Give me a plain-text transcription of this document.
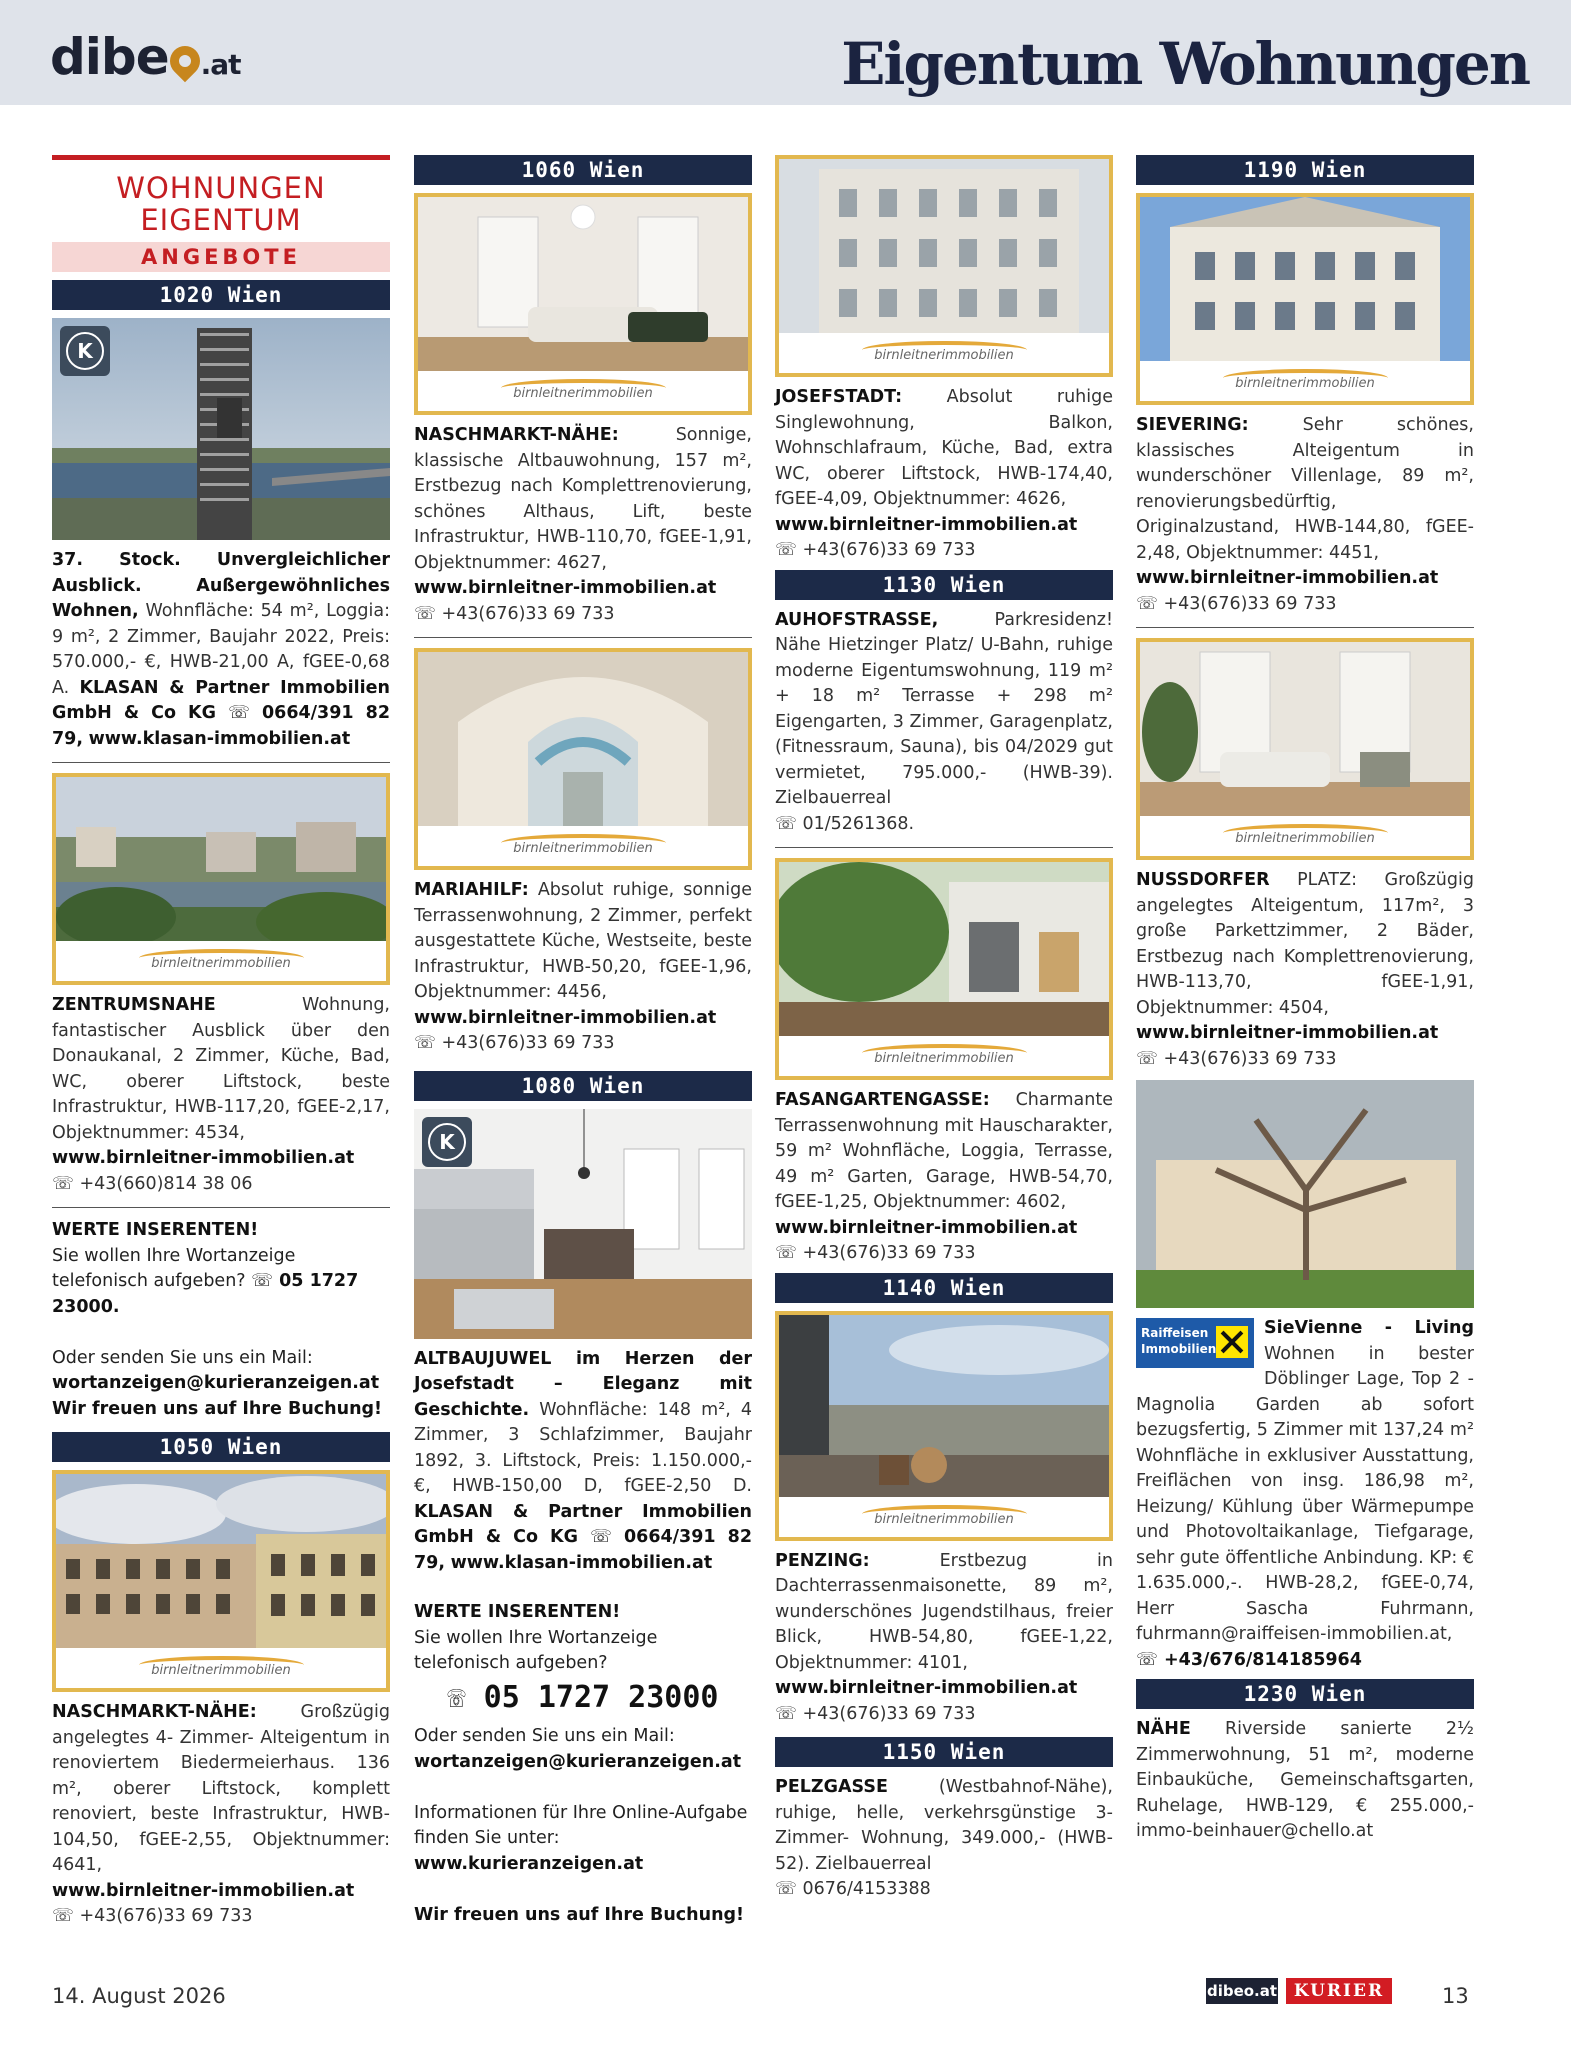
dibe .at	Eigentum Wohnungen
WOHNUNGEN
EIGENTUM
ANGEBOTE
1020 Wien
K
37. Stock. Unvergleichlicher Ausblick. Außergewöhnliches Wohnen, Wohnfläche: 54 m², Loggia: 9 m², 2 Zimmer, Baujahr 2022, Preis: 570.000,- €, HWB-21,00 A, fGEE-0,68 A. KLASAN & Partner Immobilien GmbH & Co KG ☏ 0664/391 82 79, www.klasan-immobilien.at
birnleitnerimmobilien
ZENTRUMSNAHE	Wohnung, fantastischer Ausblick über den Donaukanal, 2 Zimmer, Küche, Bad, WC, oberer Liftstock, beste Infrastruktur, HWB-117,20, fGEE-2,17, Objektnummer: 4534,
www.birnleitner-immobilien.at
☏ +43(660)814 38 06
WERTE INSERENTEN!
Sie wollen Ihre Wortanzeige telefonisch aufgeben? ☏ 05 1727 23000.

Oder senden Sie uns ein Mail:
wortanzeigen@kurieranzeigen.at
Wir freuen uns auf Ihre Buchung!
1050 Wien
birnleitnerimmobilien
NASCHMARKT-NÄHE:	Großzügig angelegtes 4- Zimmer- Alteigentum in renoviertem Biedermeierhaus. 136 m², oberer Liftstock, komplett renoviert, beste Infrastruktur, HWB-104,50, fGEE-2,55, Objektnummer: 4641,
www.birnleitner-immobilien.at
☏ +43(676)33 69 733
1060 Wien
birnleitnerimmobilien
NASCHMARKT-NÄHE:	Sonnige, klassische Altbauwohnung, 157 m², Erstbezug nach Komplettrenovierung, schönes Althaus, Lift, beste Infrastruktur, HWB-110,70, fGEE-1,91, Objektnummer: 4627,
www.birnleitner-immobilien.at
☏ +43(676)33 69 733
birnleitnerimmobilien
MARIAHILF: Absolut ruhige, sonnige Terrassenwohnung, 2 Zimmer, perfekt ausgestattete Küche, Westseite, beste Infrastruktur, HWB-50,20, fGEE-1,96, Objektnummer: 4456,
www.birnleitner-immobilien.at
☏ +43(676)33 69 733
1080 Wien
K
ALTBAUJUWEL im Herzen der Josefstadt – Eleganz mit Geschichte. Wohnfläche: 148 m², 4 Zimmer, 3 Schlafzimmer, Baujahr 1892, 3. Liftstock, Preis: 1.150.000,- €, HWB-150,00 D, fGEE-2,50 D. KLASAN & Partner Immobilien GmbH & Co KG ☏ 0664/391 82 79, www.klasan-immobilien.at
WERTE INSERENTEN!
Sie wollen Ihre Wortanzeige telefonisch aufgeben?
☏ 05 1727 23000
Oder senden Sie uns ein Mail:
wortanzeigen@kurieranzeigen.at

Informationen für Ihre Online-Aufgabe finden Sie unter:
www.kurieranzeigen.at

Wir freuen uns auf Ihre Buchung!
birnleitnerimmobilien
JOSEFSTADT:	Absolut ruhige Singlewohnung, Balkon, Wohnschlafraum, Küche, Bad, extra WC, oberer Liftstock, HWB-174,40, fGEE-4,09, Objektnummer: 4626,
www.birnleitner-immobilien.at
☏ +43(676)33 69 733
1130 Wien
AUHOFSTRASSE,	Parkresidenz! Nähe Hietzinger Platz/ U-Bahn, ruhige moderne Eigentumswohnung, 119 m² + 18 m² Terrasse + 298 m² Eigengarten, 3 Zimmer, Garagenplatz, (Fitnessraum, Sauna), bis 04/2029 gut vermietet, 795.000,- (HWB-39). Zielbauerreal
☏ 01/5261368.
birnleitnerimmobilien
FASANGARTENGASSE: Charmante Terrassenwohnung mit Hauscharakter, 59 m² Wohnfläche, Loggia, Terrasse, 49 m² Garten, Garage, HWB-54,70, fGEE-1,25, Objektnummer: 4602,
www.birnleitner-immobilien.at
☏ +43(676)33 69 733
1140 Wien
birnleitnerimmobilien
PENZING:	Erstbezug in Dachterrassenmaisonette, 89 m², wunderschönes Jugendstilhaus, freier Blick, HWB-54,80, fGEE-1,22, Objektnummer: 4101,
www.birnleitner-immobilien.at
☏ +43(676)33 69 733
1150 Wien
PELZGASSE	(Westbahnof-Nähe), ruhige, helle, verkehrsgünstige 3- Zimmer- Wohnung, 349.000,- (HWB-52). Zielbauerreal
☏ 0676/4153388
1190 Wien
birnleitnerimmobilien
SIEVERING:	Sehr schönes, klassisches Alteigentum in wunderschöner Villenlage, 89 m², renovierungsbedürftig, Originalzustand, HWB-144,80, fGEE-2,48, Objektnummer: 4451,
www.birnleitner-immobilien.at
☏ +43(676)33 69 733
birnleitnerimmobilien
NUSSDORFER PLATZ: Großzügig angelegtes Alteigentum, 117m², 3 große Parkettzimmer, 2 Bäder, Erstbezug nach Komplettrenovierung, HWB-113,70, fGEE-1,91, Objektnummer: 4504,
www.birnleitner-immobilien.at
☏ +43(676)33 69 733
Raiffeisen
Immobilien
SieVienne - Living Wohnen in bester Döblinger Lage, Top 2 - Magnolia Garden ab sofort bezugsfertig, 5 Zimmer mit 137,24 m² Wohnfläche in exklusiver Ausstattung, Freiflächen von insg. 186,98 m², Heizung/ Kühlung über Wärmepumpe und Photovoltaikanlage, Tiefgarage, sehr gute öffentliche Anbindung. KP: € 1.635.000,-. HWB-28,2, fGEE-0,74, Herr Sascha Fuhrmann, fuhrmann@raiffeisen-immobilien.at,
☏ +43/676/814185964
1230 Wien
NÄHE Riverside sanierte 2½ Zimmerwohnung, 51 m², moderne Einbauküche, Gemeinschaftsgarten, Ruhelage, HWB-129, € 255.000,- immo-beinhauer@chello.at
14. August 2026	dibeo.at KURIER	13
